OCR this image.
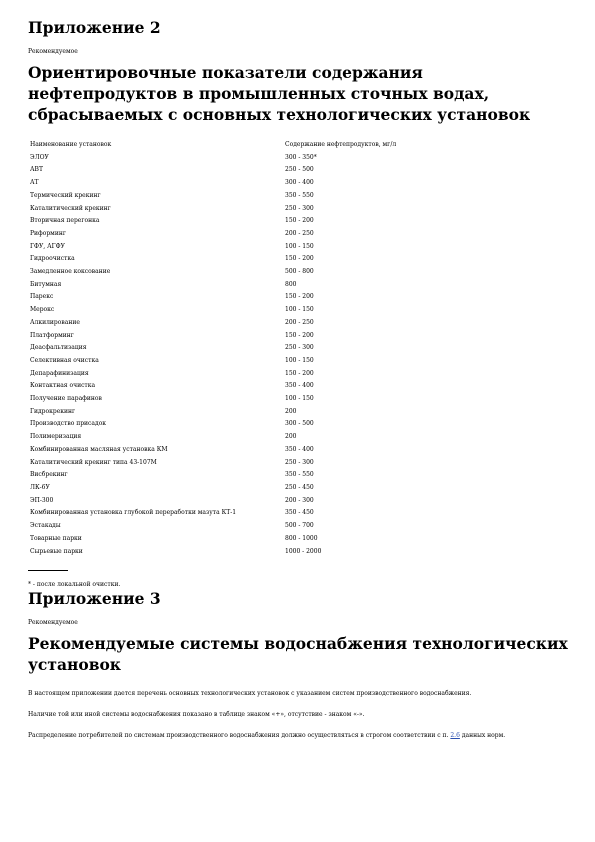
Приложение 2
Рекомендуемое
Ориентировочные показатели содержания нефтепродуктов в промышленных сточных водах, сбрасываемых с основных технологических установок
Наименование установок	Содержание нефтепродуктов, мг/л
ЭЛОУ	300 - 350*
АВТ	250 - 500
АТ	300 - 400
Термический крекинг	350 - 550
Каталитический крекинг	250 - 300
Вторичная перегонка	150 - 200
Риформинг	200 - 250
ГФУ, АГФУ	100 - 150
Гидроочистка	150 - 200
Замедленное коксование	500 - 800
Битумная	800
Парекс	150 - 200
Мерокс	100 - 150
Алкилирование	200 - 250
Платформинг	150 - 200
Деасфальтизация	250 - 300
Селективная очистка	100 - 150
Депарафинизация	150 - 200
Контактная очистка	350 - 400
Получение парафинов	100 - 150
Гидрокрекинг	200
Производство присадок	300 - 500
Полимеризация	200
Комбинированная масляная установка КМ	350 - 400
Каталитический крекинг типа 43-107М	250 - 300
Висбрекинг	350 - 550
ЛК-6У	250 - 450
ЭП-300	200 - 300
Комбинированная установка глубокой переработки мазута КТ-1	350 - 450
Эстакады	500 - 700
Товарные парки	800 - 1000
Сырьевые парки	1000 - 2000
* - после локальной очистки.
Приложение 3
Рекомендуемое
Рекомендуемые системы водоснабжения технологических установок

В настоящем приложении дается перечень основных технологических установок с указанием систем производственного водоснабжения.

Наличие той или иной системы водоснабжения показано в таблице знаком «+», отсутствие - знаком «-».

Распределение потребителей по системам производственного водоснабжения должно осуществляться в строгом соответствии с п. 2.6 данных норм.
